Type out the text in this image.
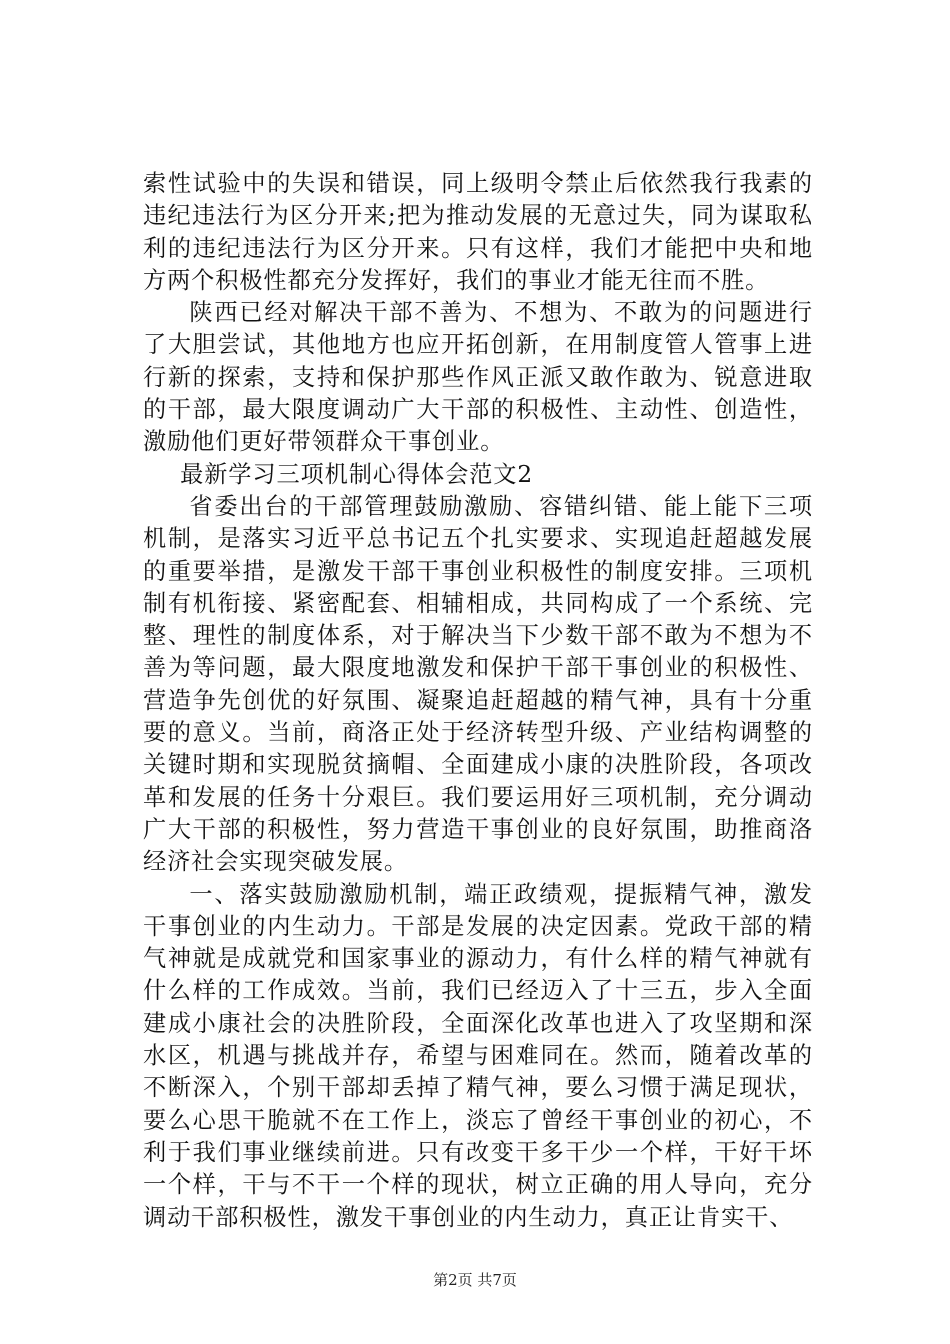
索性试验中的失误和错误，同上级明令禁止后依然我行我素的违纪违法行为区分开来;把为推动发展的无意过失，同为谋取私利的违纪违法行为区分开来。只有这样，我们才能把中央和地方两个积极性都充分发挥好，我们的事业才能无往而不胜。

陕西已经对解决干部不善为、不想为、不敢为的问题进行了大胆尝试，其他地方也应开拓创新，在用制度管人管事上进行新的探索，支持和保护那些作风正派又敢作敢为、锐意进取的干部，最大限度调动广大干部的积极性、主动性、创造性，激励他们更好带领群众干事创业。

最新学习三项机制心得体会范文2

省委出台的干部管理鼓励激励、容错纠错、能上能下三项机制，是落实习近平总书记五个扎实要求、实现追赶超越发展的重要举措，是激发干部干事创业积极性的制度安排。三项机制有机衔接、紧密配套、相辅相成，共同构成了一个系统、完整、理性的制度体系，对于解决当下少数干部不敢为不想为不善为等问题，最大限度地激发和保护干部干事创业的积极性、营造争先创优的好氛围、凝聚追赶超越的精气神，具有十分重要的意义。当前，商洛正处于经济转型升级、产业结构调整的关键时期和实现脱贫摘帽、全面建成小康的决胜阶段，各项改革和发展的任务十分艰巨。我们要运用好三项机制，充分调动广大干部的积极性，努力营造干事创业的良好氛围，助推商洛经济社会实现突破发展。

一、落实鼓励激励机制，端正政绩观，提振精气神，激发干事创业的内生动力。干部是发展的决定因素。党政干部的精气神就是成就党和国家事业的源动力，有什么样的精气神就有什么样的工作成效。当前，我们已经迈入了十三五，步入全面建成小康社会的决胜阶段，全面深化改革也进入了攻坚期和深水区，机遇与挑战并存，希望与困难同在。然而，随着改革的不断深入，个别干部却丢掉了精气神，要么习惯于满足现状，要么心思干脆就不在工作上，淡忘了曾经干事创业的初心，不利于我们事业继续前进。只有改变干多干少一个样，干好干坏一个样，干与不干一个样的现状，树立正确的用人导向，充分调动干部积极性，激发干事创业的内生动力，真正让肯实干、

第2页 共7页
